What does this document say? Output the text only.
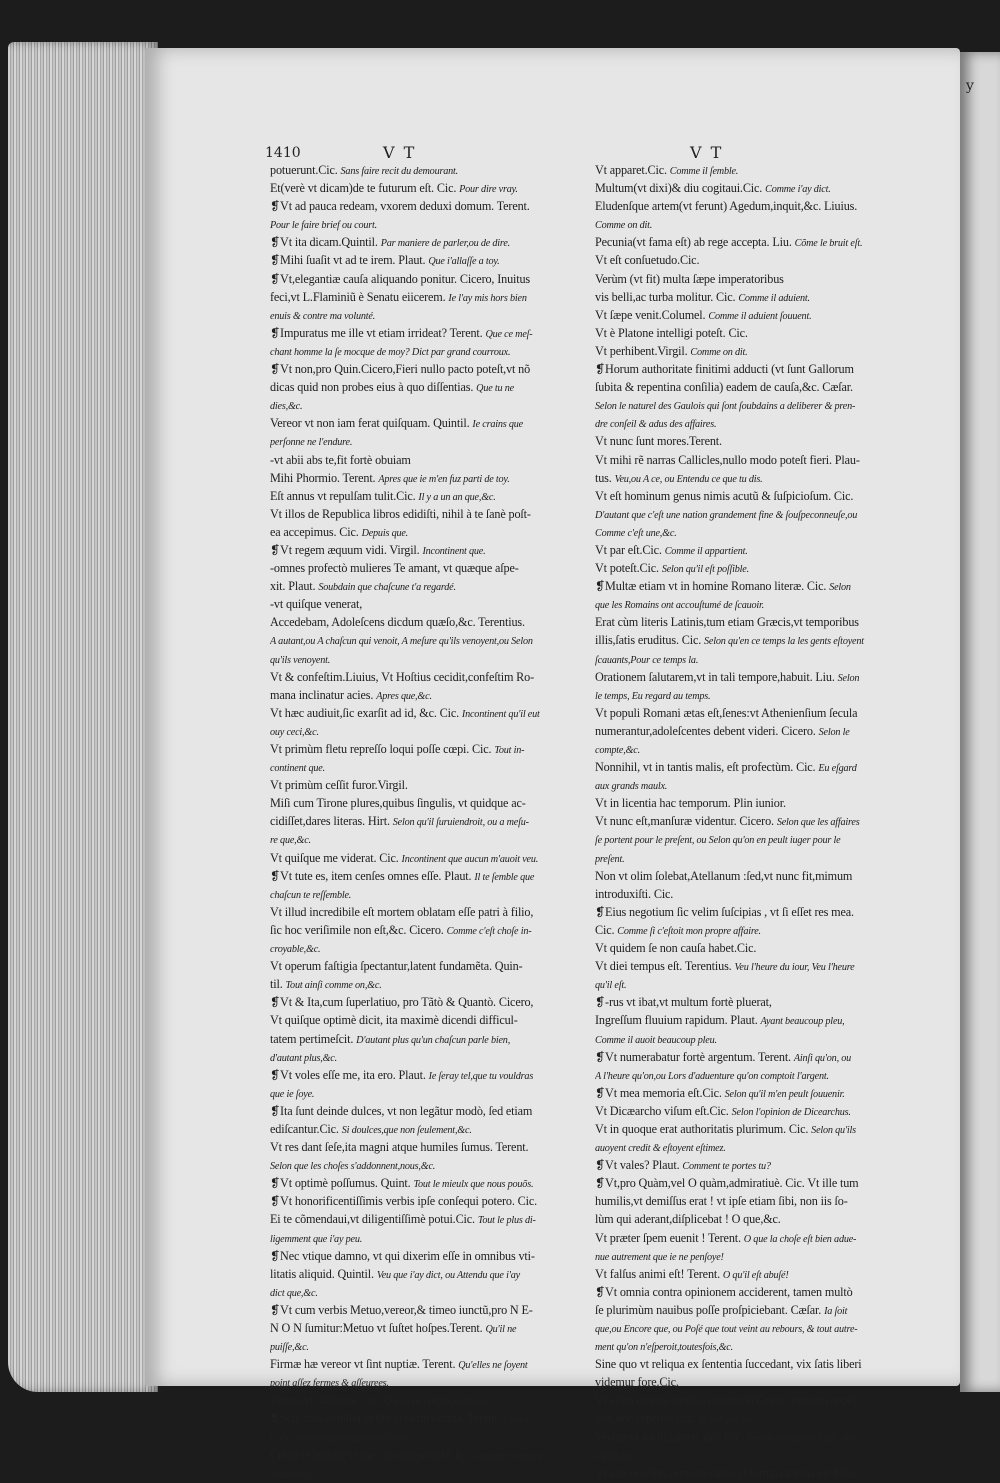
y
1410	V T	V T
potuerunt.Cic. Sans faire recit du demourant.
Et(verè vt dicam)de te futurum eſt. Cic. Pour dire vray.
❡Vt ad pauca redeam, vxorem deduxi domum. Terent.
Pour le faire brief ou court.
❡Vt ita dicam.Quintil. Par maniere de parler,ou de dire.
❡Mihi ſuaſit vt ad te irem. Plaut. Que i'allaſſe a toy.
❡Vt,elegantiæ cauſa aliquando ponitur. Cicero, Inuitus
feci,vt L.Flaminiũ è Senatu eiicerem. Ie l'ay mis hors bien
enuis & contre ma volunté.
❡Impuratus me ille vt etiam irrideat? Terent. Que ce meſ-
chant homme la ſe mocque de moy? Dict par grand courroux.
❡Vt non,pro Quin.Cicero,Fieri nullo pacto poteſt,vt nõ
dicas quid non probes eius à quo diſſentias. Que tu ne
dies,&c.
Vereor vt non iam ferat quiſquam. Quintil. Ie crains que
perſonne ne l'endure.
-vt abii abs te,fit fortè obuiam
Mihi Phormio. Terent. Apres que ie m'en fuz parti de toy.
Eſt annus vt repulſam tulit.Cic. Il y a un an que,&c.
Vt illos de Republica libros edidiſti, nihil à te ſanè poſt-
ea accepimus. Cic. Depuis que.
❡Vt regem æquum vidi. Virgil. Incontinent que.
-omnes profectò mulieres Te amant, vt quæque aſpe-
xit. Plaut. Soubdain que chaſcune t'a regardé.
-vt quiſque venerat,
Accedebam, Adoleſcens dicdum quæſo,&c. Terentius.
A autant,ou A chaſcun qui venoit, A meſure qu'ils venoyent,ou Selon
qu'ils venoyent.
Vt & confeſtim.Liuius, Vt Hoſtius cecidit,confeſtim Ro-
mana inclinatur acies. Apres que,&c.
Vt hæc audiuit,ſic exarſit ad id, &c. Cic. Incontinent qu'il eut
ouy ceci,&c.
Vt primùm fletu repreſſo loqui poſſe cœpi. Cic. Tout in-
continent que.
Vt primùm ceſſit furor.Virgil.
Miſi cum Tirone plures,quibus ſingulis, vt quidque ac-
cidiſſet,dares literas. Hirt. Selon qu'il ſuruiendroit, ou a meſu-
re que,&c.
Vt quiſque me viderat. Cic. Incontinent que aucun m'auoit veu.
❡Vt tute es, item cenſes omnes eſſe. Plaut. Il te ſemble que
chaſcun te reſſemble.
Vt illud incredibile eſt mortem oblatam eſſe patri à filio,
ſic hoc veriſimile non eſt,&c. Cicero. Comme c'eſt choſe in-
croyable,&c.
Vt operum faſtigia ſpectantur,latent fundamẽta. Quin-
til. Tout ainſi comme on,&c.
❡Vt & Ita,cum ſuperlatiuo, pro Tãtò & Quantò. Cicero,
Vt quiſque optimè dicit, ita maximè dicendi difficul-
tatem pertimeſcit. D'autant plus qu'un chaſcun parle bien,
d'autant plus,&c.
❡Vt voles eſſe me, ita ero. Plaut. Ie ſeray tel,que tu vouldras
que ie ſoye.
❡Ita ſunt deinde dulces, vt non legãtur modò, ſed etiam
ediſcantur.Cic. Si doulces,que non ſeulement,&c.
Vt res dant ſeſe,ita magni atque humiles ſumus. Terent.
Selon que les choſes s'addonnent,nous,&c.
❡Vt optimè poſſumus. Quint. Tout le mieulx que nous pouõs.
❡Vt honorificentiſſimis verbis ipſe conſequi potero. Cic.
Ei te cõmendaui,vt diligentiſſimè potui.Cic. Tout le plus di-
ligemment que i'ay peu.
❡Nec vtique damno, vt qui dixerim eſſe in omnibus vti-
litatis aliquid. Quintil. Veu que i'ay dict, ou Attendu que i'ay
dict que,&c.
❡Vt cum verbis Metuo,vereor,& timeo iunctũ,pro N E-
N O N ſumitur:Metuo vt ſuſtet hoſpes.Terent. Qu'il ne
puiſſe,&c.
Firmæ hæ vereor vt ſint nuptiæ. Terent. Qu'elles ne ſoyent
point aſſez fermes & aſſeurees.
Timeo vt ſuſtineas. Cic. Que tu ne puiſſes ſouſtenir.
❡Scis mea conſilia vt tibi credam omnia. Terent. Comẽt
ie t'ay communiqué touts mes ſecrets.
Credo te audiſſe vt me circunſteterint.Cic. Comment ils m'ont
enuironné.
Vt apparet.Cic. Comme il ſemble.
Multum(vt dixi)& diu cogitaui.Cic. Comme i'ay dict.
Eludenſque artem(vt ferunt) Agedum,inquit,&c. Liuius.
Comme on dit.
Pecunia(vt fama eſt) ab rege accepta. Liu. Cõme le bruit eſt.
Vt eſt conſuetudo.Cic.
Verùm (vt fit) multa ſæpe imperatoribus
vis belli,ac turba molitur. Cic. Comme il aduient.
Vt ſæpe venit.Columel. Comme il aduient ſouuent.
Vt è Platone intelligi poteſt. Cic.
Vt perhibent.Virgil. Comme on dit.
❡Horum authoritate finitimi adducti (vt ſunt Gallorum
ſubita & repentina conſilia) eadem de cauſa,&c. Cæſar.
Selon le naturel des Gaulois qui ſont ſoubdains a deliberer & pren-
dre conſeil & adus des affaires.
Vt nunc ſunt mores.Terent.
Vt mihi rẽ narras Callicles,nullo modo poteſt fieri. Plau-
tus. Veu,ou A ce, ou Entendu ce que tu dis.
Vt eſt hominum genus nimis acutũ & ſuſpicioſum. Cic.
D'autant que c'eſt une nation grandement fine & ſouſpeconneuſe,ou
Comme c'eſt une,&c.
Vt par eſt.Cic. Comme il appartient.
Vt poteſt.Cic. Selon qu'il eſt poſſible.
❡Multæ etiam vt in homine Romano literæ. Cic. Selon
que les Romains ont accouſtumé de ſcauoir.
Erat cùm literis Latinis,tum etiam Græcis,vt temporibus
illis,ſatis eruditus. Cic. Selon qu'en ce temps la les gents eſtoyent
ſcauants,Pour ce temps la.
Orationem ſalutarem,vt in tali tempore,habuit. Liu. Selon
le temps, Eu regard au temps.
Vt populi Romani ætas eſt,ſenes:vt Athenienſium ſecula
numerantur,adoleſcentes debent videri. Cicero. Selon le
compte,&c.
Nonnihil, vt in tantis malis, eſt profectùm. Cic. Eu eſgard
aux grands maulx.
Vt in licentia hac temporum. Plin iunior.
Vt nunc eſt,manſuræ videntur. Cicero. Selon que les affaires
ſe portent pour le preſent, ou Selon qu'on en peult iuger pour le
preſent.
Non vt olim ſolebat,Atellanum :ſed,vt nunc fit,mimum
introduxiſti. Cic.
❡Eius negotium ſic velim ſuſcipias , vt ſi eſſet res mea.
Cic. Comme ſi c'eſtoit mon propre affaire.
Vt quidem ſe non cauſa habet.Cic.
Vt diei tempus eſt. Terentius. Veu l'heure du iour, Veu l'heure
qu'il eſt.
❡-rus vt ibat,vt multum fortè pluerat,
Ingreſſum fluuium rapidum. Plaut. Ayant beaucoup pleu,
Comme il auoit beaucoup pleu.
❡Vt numerabatur fortè argentum. Terent. Ainſi qu'on, ou
A l'heure qu'on,ou Lors d'aduenture qu'on comptoit l'argent.
❡Vt mea memoria eſt.Cic. Selon qu'il m'en peult ſouuenir.
Vt Dicæarcho viſum eſt.Cic. Selon l'opinion de Dicearchus.
Vt in quoque erat authoritatis plurimum. Cic. Selon qu'ils
auoyent credit & eſtoyent eſtimez.
❡Vt vales? Plaut. Comment te portes tu?
❡Vt,pro Quàm,vel O quàm,admiratiuè. Cic. Vt ille tum
humilis,vt demiſſus erat ! vt ipſe etiam ſibi, non iis ſo-
lùm qui aderant,diſplicebat ! O que,&c.
Vt præter ſpem euenit ! Terent. O que la choſe eſt bien adue-
nue autrement que ie ne penſoye!
Vt falſus animi eſt! Terent. O qu'il eſt abuſé!
❡Vt omnia contra opinionem acciderent, tamen multò
ſe plurimùm nauibus poſſe proſpiciebant. Cæſar. Ia ſoit
que,ou Encore que, ou Poſé que tout veint au rebours, & tout autre-
ment qu'on n'eſperoit,toutesfois,&c.
Sine quo vt reliqua ex ſententia ſuccedant, vix ſatis liberi
videmur fore.Cic.
Vt enim quæras omnia, quomodo Græci ineptum appel-
lent,non reperies.Cic. Ia ſoit que,&c.
Verùm vt ita ſit,tamen, &c. Cic. Pren le cas qu'ainſi ſoit , tou-
teſſois,&c.
Vt alia non ſint,certè ne laſſeſcat fortuna,metus eſt. Plin.
